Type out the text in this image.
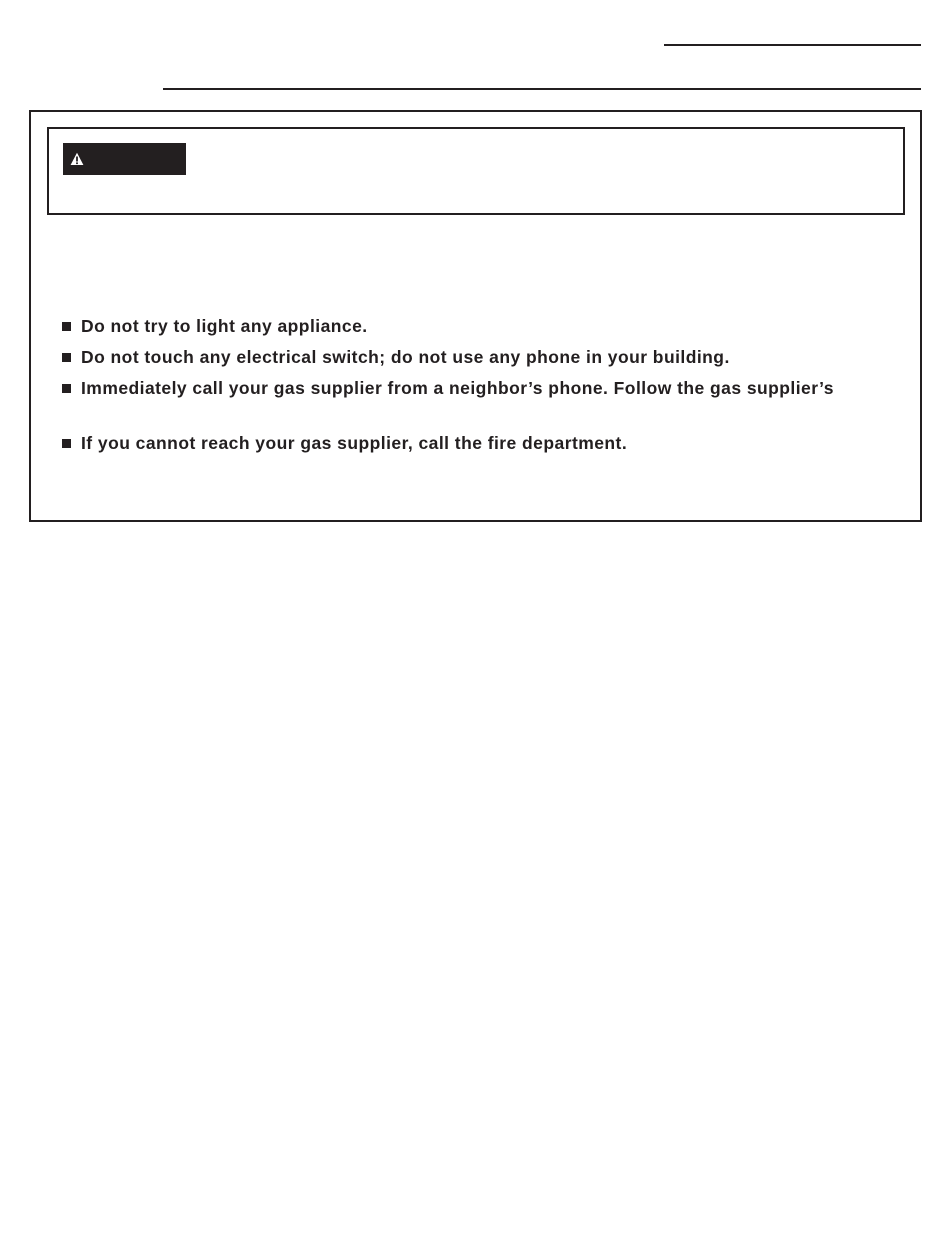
Do not try to light any appliance.
Do not touch any electrical switch; do not use any phone in your building.
Immediately call your gas supplier from a neighbor’s phone. Follow the gas supplier’s
If you cannot reach your gas supplier, call the fire department.
